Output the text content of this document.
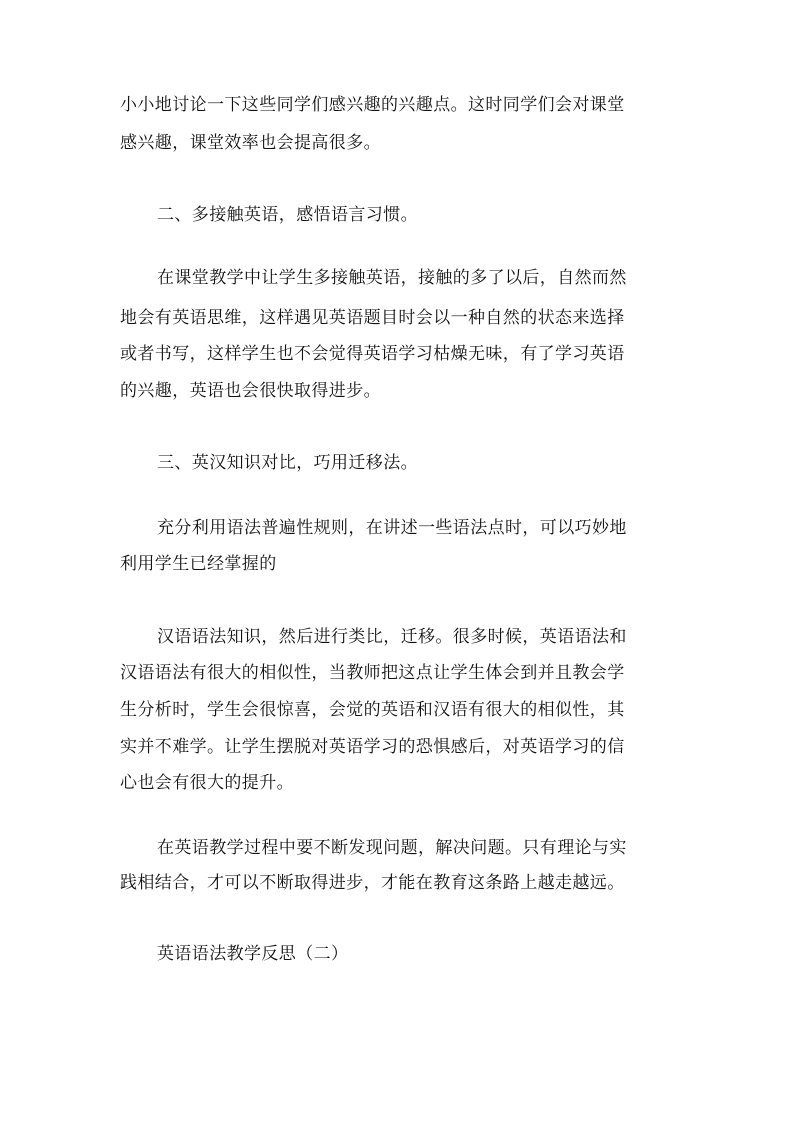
小小地讨论一下这些同学们感兴趣的兴趣点。这时同学们会对课堂
感兴趣，课堂效率也会提高很多。
二、多接触英语，感悟语言习惯。
在课堂教学中让学生多接触英语，接触的多了以后，自然而然
地会有英语思维，这样遇见英语题目时会以一种自然的状态来选择
或者书写，这样学生也不会觉得英语学习枯燥无味，有了学习英语
的兴趣，英语也会很快取得进步。
三、英汉知识对比，巧用迁移法。
充分利用语法普遍性规则，在讲述一些语法点时，可以巧妙地
利用学生已经掌握的
汉语语法知识，然后进行类比，迁移。很多时候，英语语法和
汉语语法有很大的相似性，当教师把这点让学生体会到并且教会学
生分析时，学生会很惊喜，会觉的英语和汉语有很大的相似性，其
实并不难学。让学生摆脱对英语学习的恐惧感后，对英语学习的信
心也会有很大的提升。
在英语教学过程中要不断发现问题，解决问题。只有理论与实
践相结合，才可以不断取得进步，才能在教育这条路上越走越远。
英语语法教学反思（二）
